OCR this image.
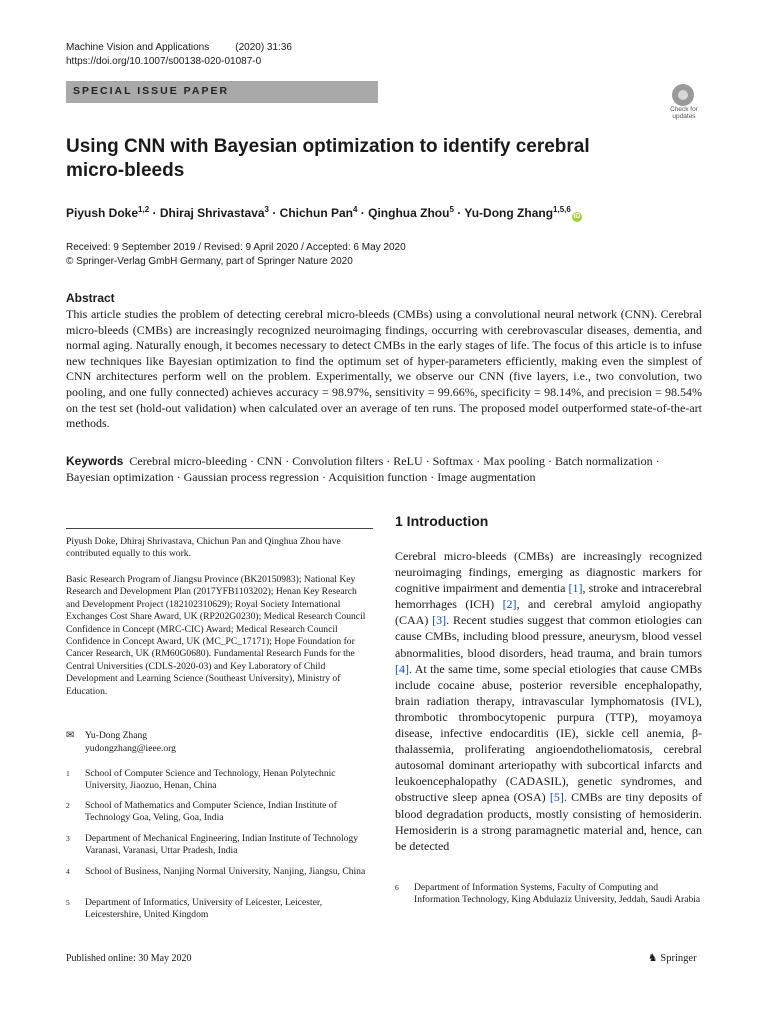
Machine Vision and Applications	(2020) 31:36
https://doi.org/10.1007/s00138-020-01087-0
SPECIAL ISSUE PAPER
Check for updates
Using CNN with Bayesian optimization to identify cerebral micro-bleeds
Piyush Doke$^{1,2}$ · Dhiraj Shrivastava$^3$ · Chichun Pan$^4$ · Qinghua Zhou$^5$ · Yu-Dong Zhang$^{1,5,6}$iD
Received: 9 September 2019 / Revised: 9 April 2020 / Accepted: 6 May 2020
© Springer-Verlag GmbH Germany, part of Springer Nature 2020
Abstract
This article studies the problem of detecting cerebral micro-bleeds (CMBs) using a convolutional neural network (CNN). Cerebral micro-bleeds (CMBs) are increasingly recognized neuroimaging findings, occurring with cerebrovascular diseases, dementia, and normal aging. Naturally enough, it becomes necessary to detect CMBs in the early stages of life. The focus of this article is to infuse new techniques like Bayesian optimization to find the optimum set of hyper-parameters efficiently, making even the simplest of CNN architectures perform well on the problem. Experimentally, we observe our CNN (five layers, i.e., two convolution, two pooling, and one fully connected) achieves accuracy = 98.97%, sensitivity = 99.66%, specificity = 98.14%, and precision = 98.54% on the test set (hold-out validation) when calculated over an average of ten runs. The proposed model outperformed state-of-the-art methods.
Keywords Cerebral micro-bleeding · CNN · Convolution filters · ReLU · Softmax · Max pooling · Batch normalization · Bayesian optimization · Gaussian process regression · Acquisition function · Image augmentation
Piyush Doke, Dhiraj Shrivastava, Chichun Pan and Qinghua Zhou have contributed equally to this work.
Basic Research Program of Jiangsu Province (BK20150983); National Key Research and Development Plan (2017YFB1103202); Henan Key Research and Development Project (182102310629); Royal Society International Exchanges Cost Share Award, UK (RP202G0230); Medical Research Council Confidence in Concept (MRC-CIC) Award; Medical Research Council Confidence in Concept Award, UK (MC_PC_17171); Hope Foundation for Cancer Research, UK (RM60G0680). Fundamental Research Funds for the Central Universities (CDLS-2020-03) and Key Laboratory of Child Development and Learning Science (Southeast University), Ministry of Education.
✉ Yu-Dong Zhang
yudongzhang@ieee.org
1 School of Computer Science and Technology, Henan Polytechnic University, Jiaozuo, Henan, China
2 School of Mathematics and Computer Science, Indian Institute of Technology Goa, Veling, Goa, India
3 Department of Mechanical Engineering, Indian Institute of Technology Varanasi, Varanasi, Uttar Pradesh, India
4 School of Business, Nanjing Normal University, Nanjing, Jiangsu, China
5 Department of Informatics, University of Leicester, Leicester, Leicestershire, United Kingdom
1 Introduction
Cerebral micro-bleeds (CMBs) are increasingly recognized neuroimaging findings, emerging as diagnostic markers for cognitive impairment and dementia [1], stroke and intracerebral hemorrhages (ICH) [2], and cerebral amyloid angiopathy (CAA) [3]. Recent studies suggest that common etiologies can cause CMBs, including blood pressure, aneurysm, blood vessel abnormalities, blood disorders, head trauma, and brain tumors [4]. At the same time, some special etiologies that cause CMBs include cocaine abuse, posterior reversible encephalopathy, brain radiation therapy, intravascular lymphomatosis (IVL), thrombotic thrombocytopenic purpura (TTP), moyamoya disease, infective endocarditis (IE), sickle cell anemia, β-thalassemia, proliferating angioendotheliomatosis, cerebral autosomal dominant arteriopathy with subcortical infarcts and leukoencephalopathy (CADASIL), genetic syndromes, and obstructive sleep apnea (OSA) [5]. CMBs are tiny deposits of blood degradation products, mostly consisting of hemosiderin. Hemosiderin is a strong paramagnetic material and, hence, can be detected
6 Department of Information Systems, Faculty of Computing and Information Technology, King Abdulaziz University, Jeddah, Saudi Arabia
Published online: 30 May 2020	♞ Springer
